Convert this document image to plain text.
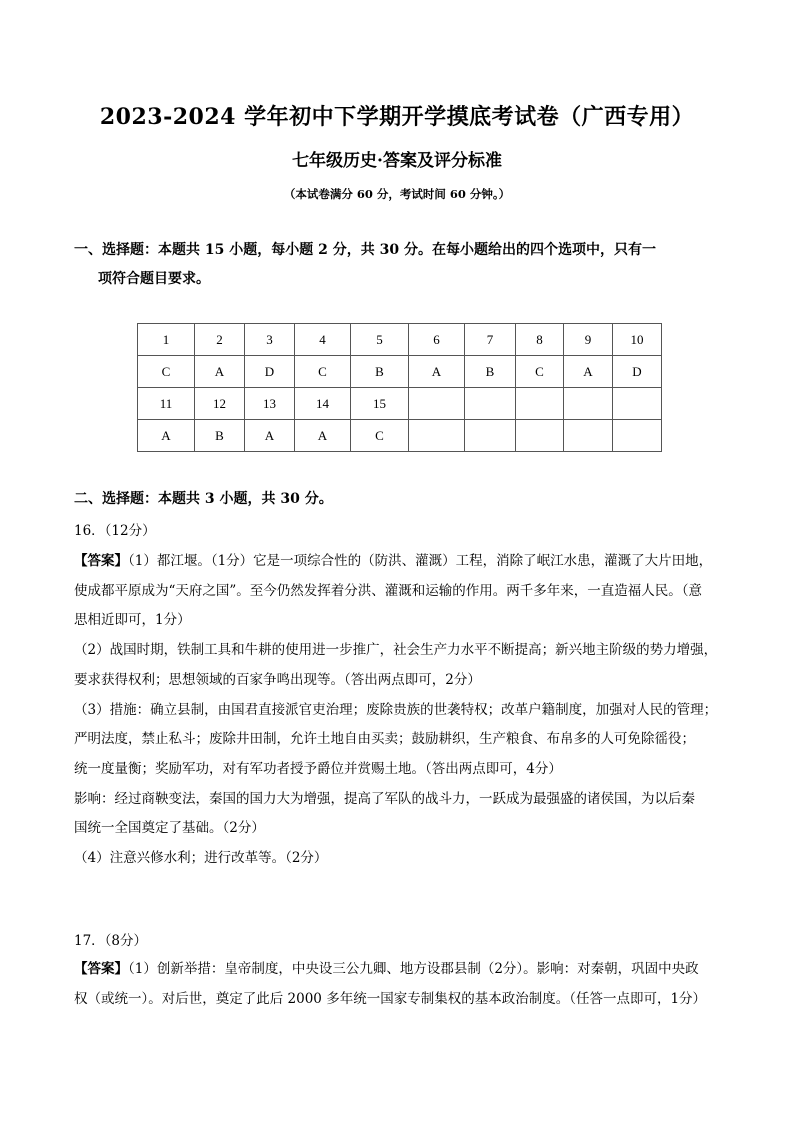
2023-2024 学年初中下学期开学摸底考试卷（广西专用）
七年级历史·答案及评分标准
（本试卷满分 60 分，考试时间 60 分钟。）
一、选择题：本题共 15 小题，每小题 2 分，共 30 分。在每小题给出的四个选项中，只有一
项符合题目要求。
1	2	3	4	5	6	7	8	9	10
C	A	D	C	B	A	B	C	A	D
11	12	13	14	15					
A	B	A	A	C					
二、选择题：本题共 3 小题，共 30 分。
16．（12分）

【答案】（1）都江堰。（1分）它是一项综合性的（防洪、灌溉）工程，消除了岷江水患，灌溉了大片田地，

使成都平原成为“天府之国”。至今仍然发挥着分洪、灌溉和运输的作用。两千多年来，一直造福人民。（意

思相近即可，1分）

（2）战国时期，铁制工具和牛耕的使用进一步推广，社会生产力水平不断提高；新兴地主阶级的势力增强，

要求获得权利；思想领域的百家争鸣出现等。（答出两点即可，2分）

（3）措施：确立县制，由国君直接派官吏治理；废除贵族的世袭特权；改革户籍制度，加强对人民的管理；

严明法度，禁止私斗；废除井田制，允许土地自由买卖；鼓励耕织，生产粮食、布帛多的人可免除徭役；

统一度量衡；奖励军功，对有军功者授予爵位并赏赐土地。（答出两点即可，4分）

影响：经过商鞅变法，秦国的国力大为增强，提高了军队的战斗力，一跃成为最强盛的诸侯国，为以后秦

国统一全国奠定了基础。（2分）

（4）注意兴修水利；进行改革等。（2分）

17．（8分）

【答案】（1）创新举措：皇帝制度，中央设三公九卿、地方设郡县制（2分）。影响：对秦朝，巩固中央政

权（或统一）。对后世，奠定了此后 2000 多年统一国家专制集权的基本政治制度。（任答一点即可，1分）
